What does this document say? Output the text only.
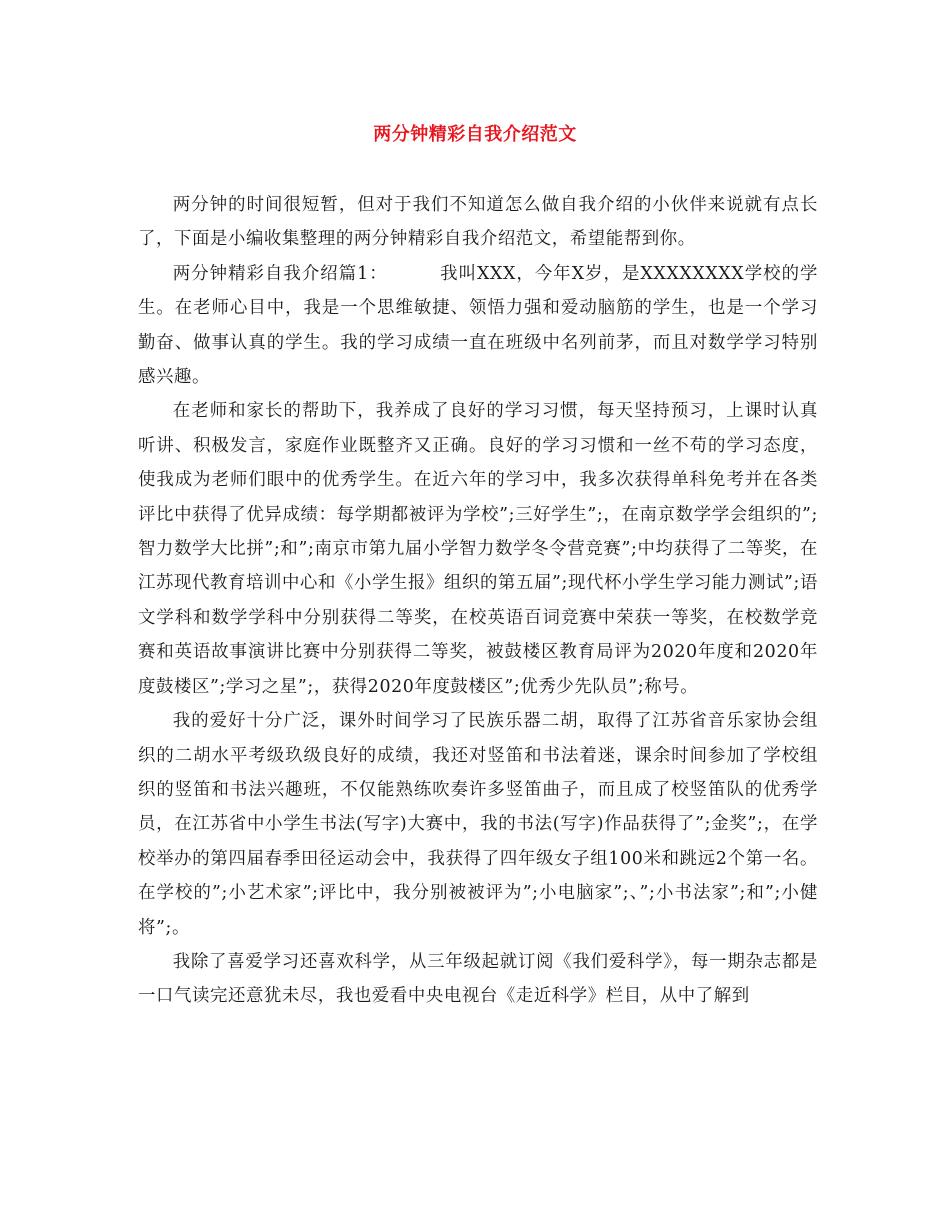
两分钟精彩自我介绍范文

两分钟的时间很短暂，但对于我们不知道怎么做自我介绍的小伙伴来说就有点长了，下面是小编收集整理的两分钟精彩自我介绍范文，希望能帮到你。

两分钟精彩自我介绍篇1：	我叫XXX，今年X岁，是XXXXXXXX学校的学生。在老师心目中，我是一个思维敏捷、领悟力强和爱动脑筋的学生，也是一个学习勤奋、做事认真的学生。我的学习成绩一直在班级中名列前茅，而且对数学学习特别感兴趣。

在老师和家长的帮助下，我养成了良好的学习习惯，每天坚持预习，上课时认真听讲、积极发言，家庭作业既整齐又正确。良好的学习习惯和一丝不苟的学习态度，使我成为老师们眼中的优秀学生。在近六年的学习中，我多次获得单科免考并在各类评比中获得了优异成绩：每学期都被评为学校”;三好学生”;，在南京数学学会组织的”;智力数学大比拼”;和”;南京市第九届小学智力数学冬令营竞赛”;中均获得了二等奖，在江苏现代教育培训中心和《小学生报》组织的第五届”;现代杯小学生学习能力测试”;语文学科和数学学科中分别获得二等奖，在校英语百词竞赛中荣获一等奖，在校数学竞赛和英语故事演讲比赛中分别获得二等奖，被鼓楼区教育局评为2020年度和2020年度鼓楼区”;学习之星”;，获得2020年度鼓楼区”;优秀少先队员”;称号。

我的爱好十分广泛，课外时间学习了民族乐器二胡，取得了江苏省音乐家协会组织的二胡水平考级玖级良好的成绩，我还对竖笛和书法着迷，课余时间参加了学校组织的竖笛和书法兴趣班，不仅能熟练吹奏许多竖笛曲子，而且成了校竖笛队的优秀学员，在江苏省中小学生书法(写字)大赛中，我的书法(写字)作品获得了”;金奖”;，在学校举办的第四届春季田径运动会中，我获得了四年级女子组100米和跳远2个第一名。在学校的”;小艺术家”;评比中，我分别被被评为”;小电脑家”;、”;小书法家”;和”;小健将”;。

我除了喜爱学习还喜欢科学，从三年级起就订阅《我们爱科学》，每一期杂志都是一口气读完还意犹未尽，我也爱看中央电视台《走近科学》栏目，从中了解到
